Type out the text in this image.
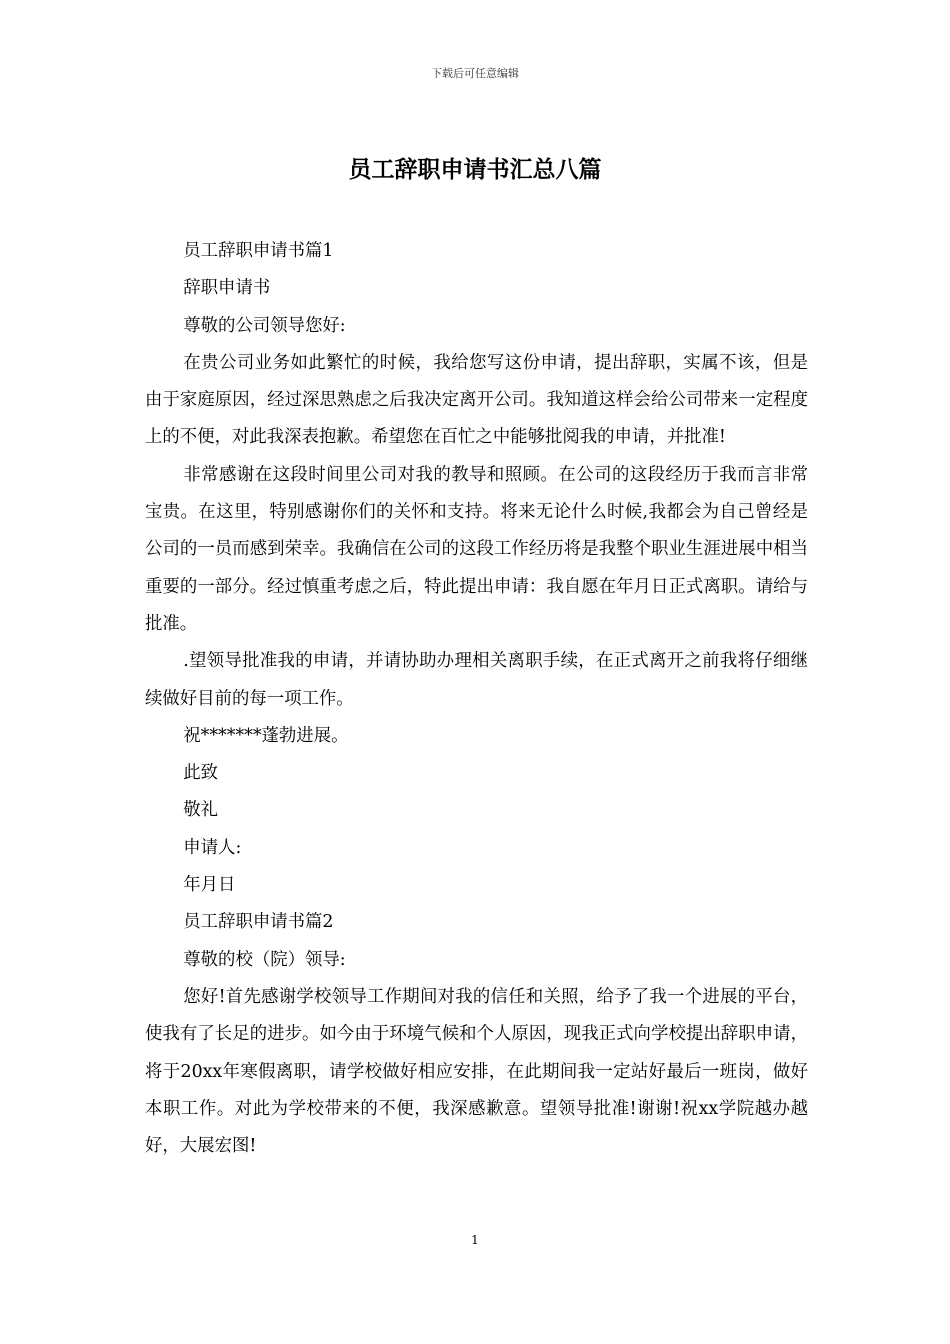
下载后可任意编辑
员工辞职申请书汇总八篇

员工辞职申请书篇1

辞职申请书

尊敬的公司领导您好:

在贵公司业务如此繁忙的时候，我给您写这份申请，提出辞职，实属不该，但是由于家庭原因，经过深思熟虑之后我决定离开公司。我知道这样会给公司带来一定程度上的不便，对此我深表抱歉。希望您在百忙之中能够批阅我的申请，并批准!

非常感谢在这段时间里公司对我的教导和照顾。在公司的这段经历于我而言非常宝贵。在这里，特别感谢你们的关怀和支持。将来无论什么时候,我都会为自己曾经是公司的一员而感到荣幸。我确信在公司的这段工作经历将是我整个职业生涯进展中相当重要的一部分。经过慎重考虑之后，特此提出申请：我自愿在年月日正式离职。请给与批准。

.望领导批准我的申请，并请协助办理相关离职手续，在正式离开之前我将仔细继续做好目前的每一项工作。

祝*******蓬勃进展。

此致

敬礼

申请人:

年月日

员工辞职申请书篇2

尊敬的校（院）领导:

您好!首先感谢学校领导工作期间对我的信任和关照，给予了我一个进展的平台，使我有了长足的进步。如今由于环境气候和个人原因，现我正式向学校提出辞职申请，将于20xx年寒假离职，请学校做好相应安排，在此期间我一定站好最后一班岗，做好本职工作。对此为学校带来的不便，我深感歉意。望领导批准!谢谢!祝xx学院越办越好，大展宏图!

1
